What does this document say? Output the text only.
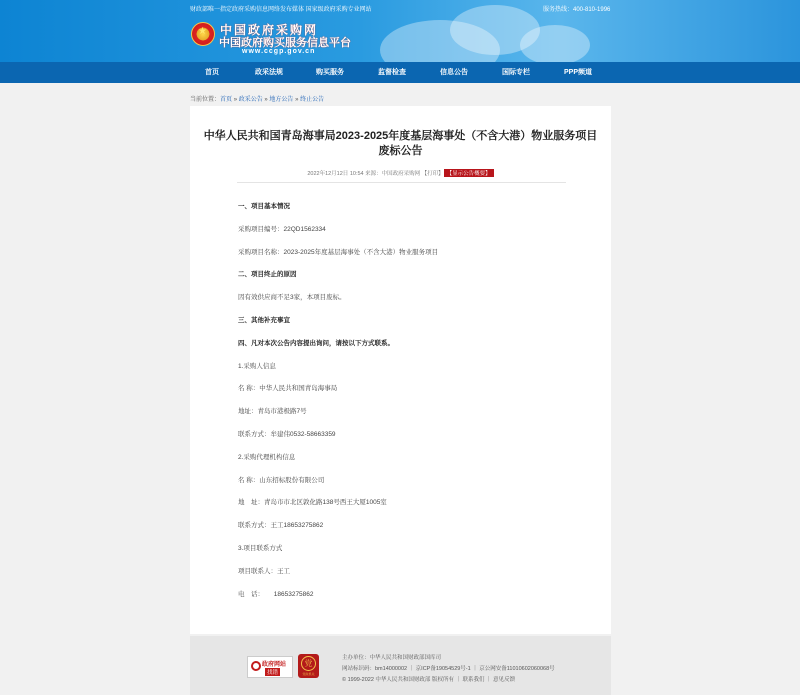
财政部唯一指定政府采购信息网络发布媒体 国家级政府采购专业网站	服务热线：400-810-1996
★
中国政府采购网
中国政府购买服务信息平台
www.ccgp.gov.cn
首页	政采法规	购买服务	监督检查	信息公告	国际专栏	PPP频道
当前位置：首页 » 政采公告 » 地方公告 » 终止公告
中华人民共和国青岛海事局2023-2025年度基层海事处（不含大港）物业服务项目
废标公告
2022年12月12日 10:54 来源：中国政府采购网 【打印】 【显示公告概要】
一、项目基本情况
采购项目编号：22QD1562334
采购项目名称：2023-2025年度基层海事处（不含大港）物业服务项目
二、项目终止的原因
因有效供应商不足3家，本项目废标。
三、其他补充事宜
四、凡对本次公告内容提出询问，请按以下方式联系。
1.采购人信息
名 称：中华人民共和国青岛海事局
地址：青岛市港极路7号
联系方式：牟建伟0532-58663359
2.采购代理机构信息
名 称：山东招标股份有限公司
地　址：青岛市市北区敦化路138号西王大厦1005室
联系方式：王工18653275862
3.项目联系方式
项目联系人：王工
电　话：　　18653275862
政府网站
找错
党
党政机关
主办单位：中华人民共和国财政部国库司
网站标识码：bm14000002 ｜ 京ICP备19054529号-1 ｜ 京公网安备11010602060068号
© 1999-2022 中华人民共和国财政部 版权所有 ｜ 联系我们 ｜ 意见反馈
